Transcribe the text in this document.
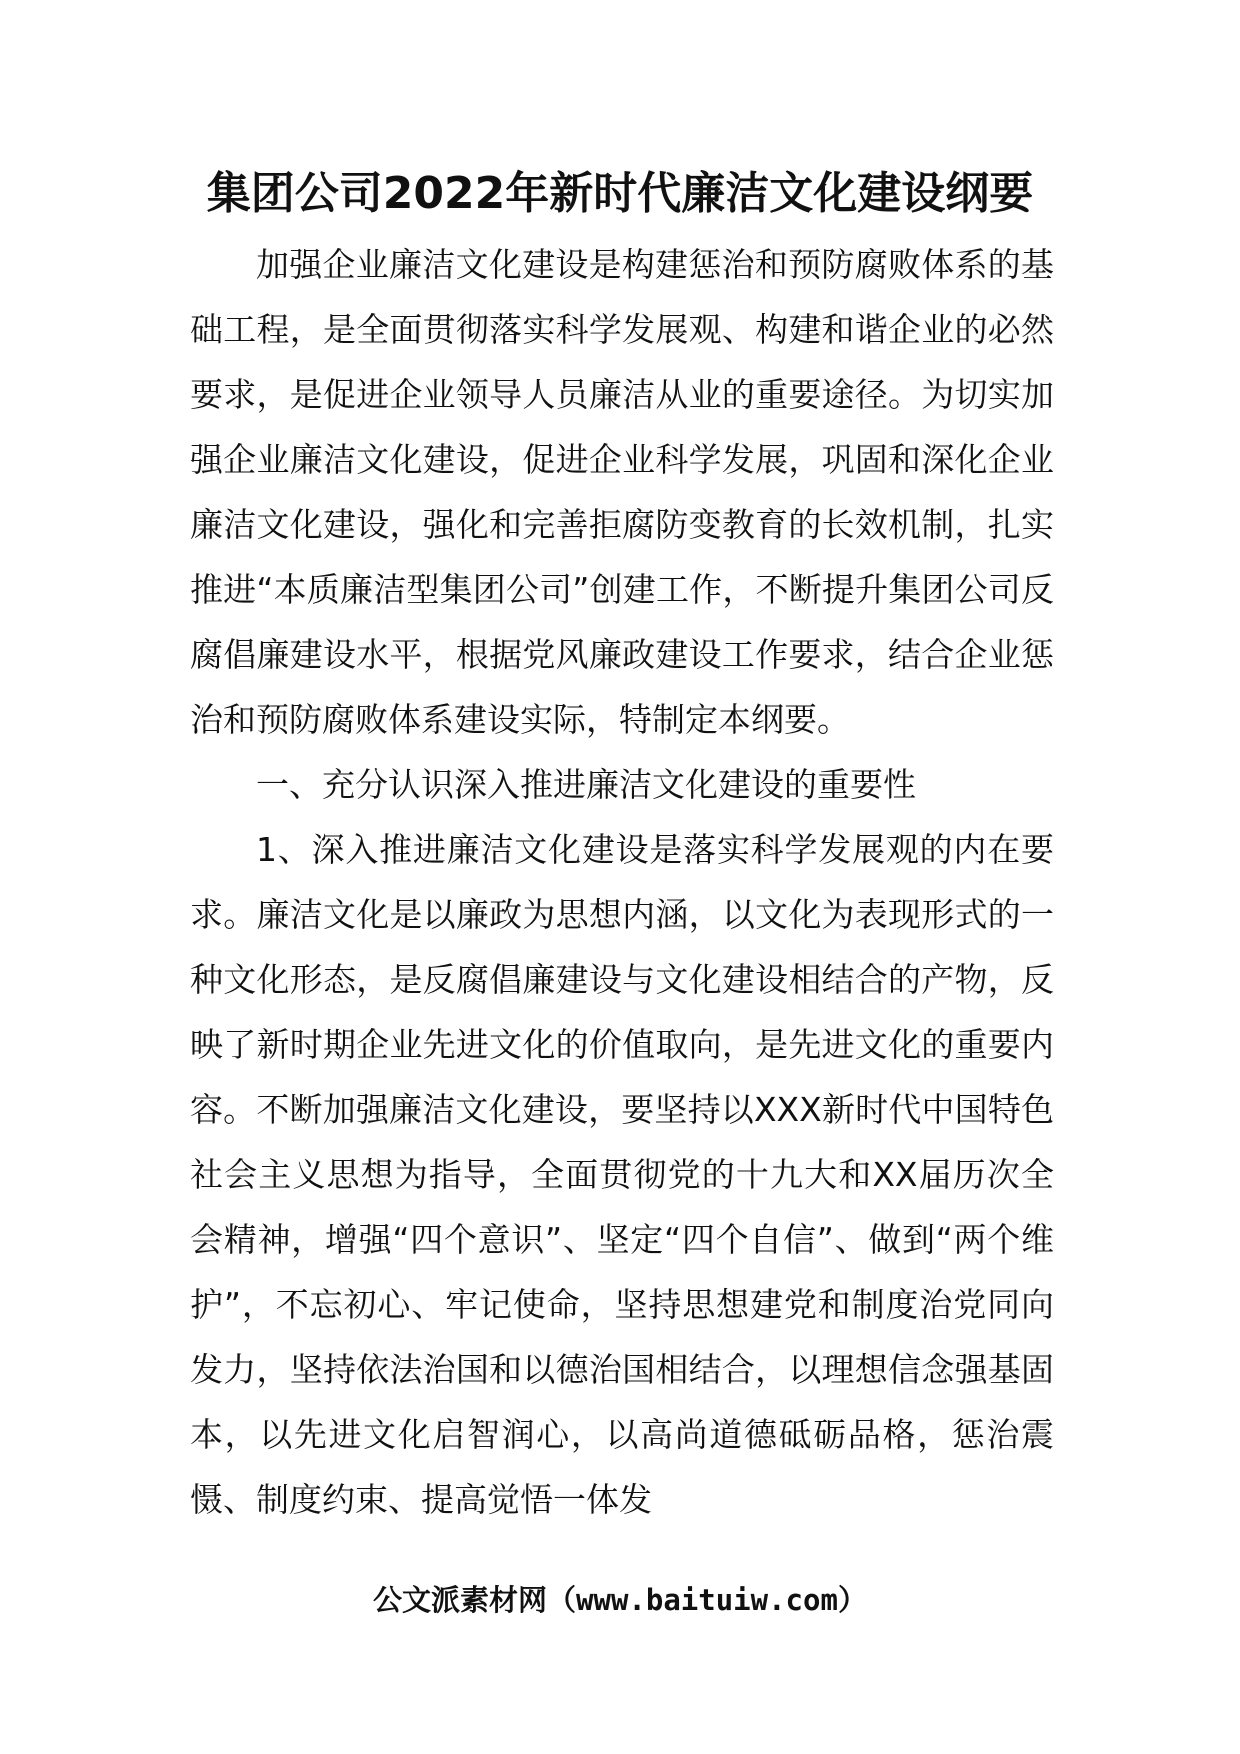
集团公司2022年新时代廉洁文化建设纲要

加强企业廉洁文化建设是构建惩治和预防腐败体系的基础工程，是全面贯彻落实科学发展观、构建和谐企业的必然要求，是促进企业领导人员廉洁从业的重要途径。为切实加强企业廉洁文化建设，促进企业科学发展，巩固和深化企业廉洁文化建设，强化和完善拒腐防变教育的长效机制，扎实推进“本质廉洁型集团公司”创建工作，不断提升集团公司反腐倡廉建设水平，根据党风廉政建设工作要求，结合企业惩治和预防腐败体系建设实际，特制定本纲要。

一、充分认识深入推进廉洁文化建设的重要性

1、深入推进廉洁文化建设是落实科学发展观的内在要求。廉洁文化是以廉政为思想内涵，以文化为表现形式的一种文化形态，是反腐倡廉建设与文化建设相结合的产物，反映了新时期企业先进文化的价值取向，是先进文化的重要内容。不断加强廉洁文化建设，要坚持以XXX新时代中国特色社会主义思想为指导，全面贯彻党的十九大和XX届历次全会精神，增强“四个意识”、坚定“四个自信”、做到“两个维护”，不忘初心、牢记使命，坚持思想建党和制度治党同向发力，坚持依法治国和以德治国相结合，以理想信念强基固本，以先进文化启智润心，以高尚道德砥砺品格，惩治震慑、制度约束、提高觉悟一体发

公文派素材网（www.baituiw.com）
